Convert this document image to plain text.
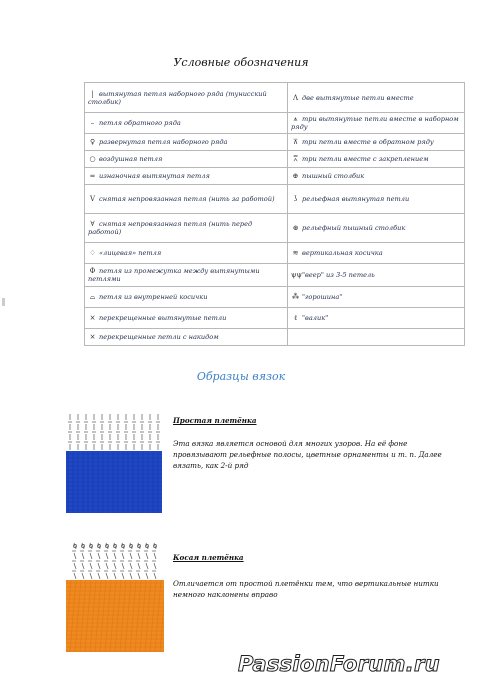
Условные обозначения
| вытянутая петля наборного ряда (тунисский столбик)	Λ две вытянутые петли вместе
– петля обратного ряда	⩚ три вытянутые петли вместе в наборном ряду
♀ развернутая петля наборного ряда	⊼ три петли вместе в обратном ряду
○ воздушная петля	⩞ три петли вместе с закреплением
≂ изнаночная вытянутая петля	⊕ пышный столбик
V снятая непровязанная петля (нить за работой)	ʖ рельефная вытянутая петли
∀ снятая непровязанная петля (нить перед работой)	⊛ рельефный пышный столбик
♢ «лицевая» петля	≋ вертикальная косичка
Φ петля из промежутка между вытянутыми петлями	ψψ"веер" из 3-5 петель
⌓ петля из внутренней косички	⁂ "горошина"
× перекрещенные вытянутые петли	ℓ "валик"
× перекрещенные петли с накидом	
Образцы вязок
Простая плетёнка
Эта вязка является основой для многих узоров. На её фоне провязывают рельефные полосы, цветные орнаменты и т. п. Далее вязать, как 2-й ряд
Косая плетёнка
Отличается от простой плетёнки тем, что вертикальные нитки немного наклонены вправо
PassionForum.ru
